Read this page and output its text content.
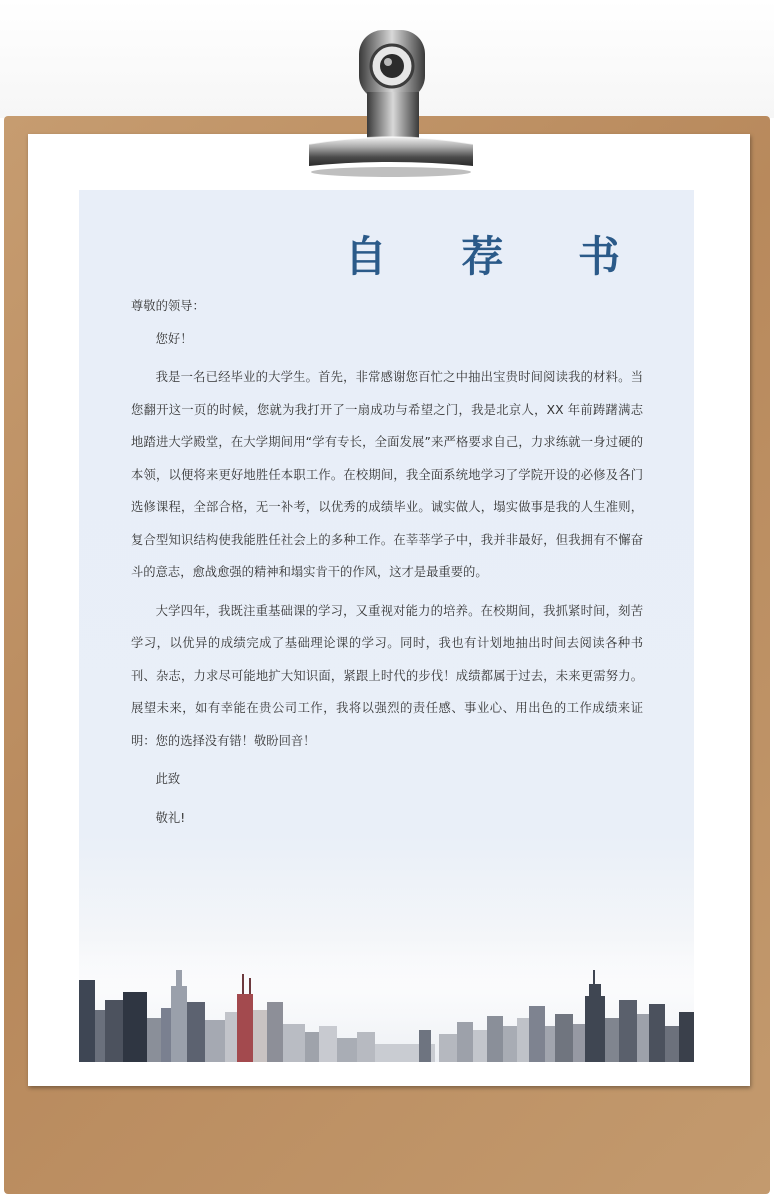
自 荐 书

尊敬的领导：

您好！

我是一名已经毕业的大学生。首先，非常感谢您百忙之中抽出宝贵时间阅读我的材料。当您翻开这一页的时候，您就为我打开了一扇成功与希望之门，我是北京人，XX 年前踌躇满志地踏进大学殿堂，在大学期间用“学有专长，全面发展”来严格要求自己，力求练就一身过硬的本领，以便将来更好地胜任本职工作。在校期间，我全面系统地学习了学院开设的必修及各门选修课程，全部合格，无一补考，以优秀的成绩毕业。诚实做人，塌实做事是我的人生准则，复合型知识结构使我能胜任社会上的多种工作。在莘莘学子中，我并非最好，但我拥有不懈奋斗的意志，愈战愈强的精神和塌实肯干的作风，这才是最重要的。

大学四年，我既注重基础课的学习，又重视对能力的培养。在校期间，我抓紧时间，刻苦学习，以优异的成绩完成了基础理论课的学习。同时，我也有计划地抽出时间去阅读各种书刊、杂志，力求尽可能地扩大知识面，紧跟上时代的步伐！成绩都属于过去，未来更需努力。展望未来，如有幸能在贵公司工作，我将以强烈的责任感、事业心、用出色的工作成绩来证明：您的选择没有错！敬盼回音！

此致

敬礼!
